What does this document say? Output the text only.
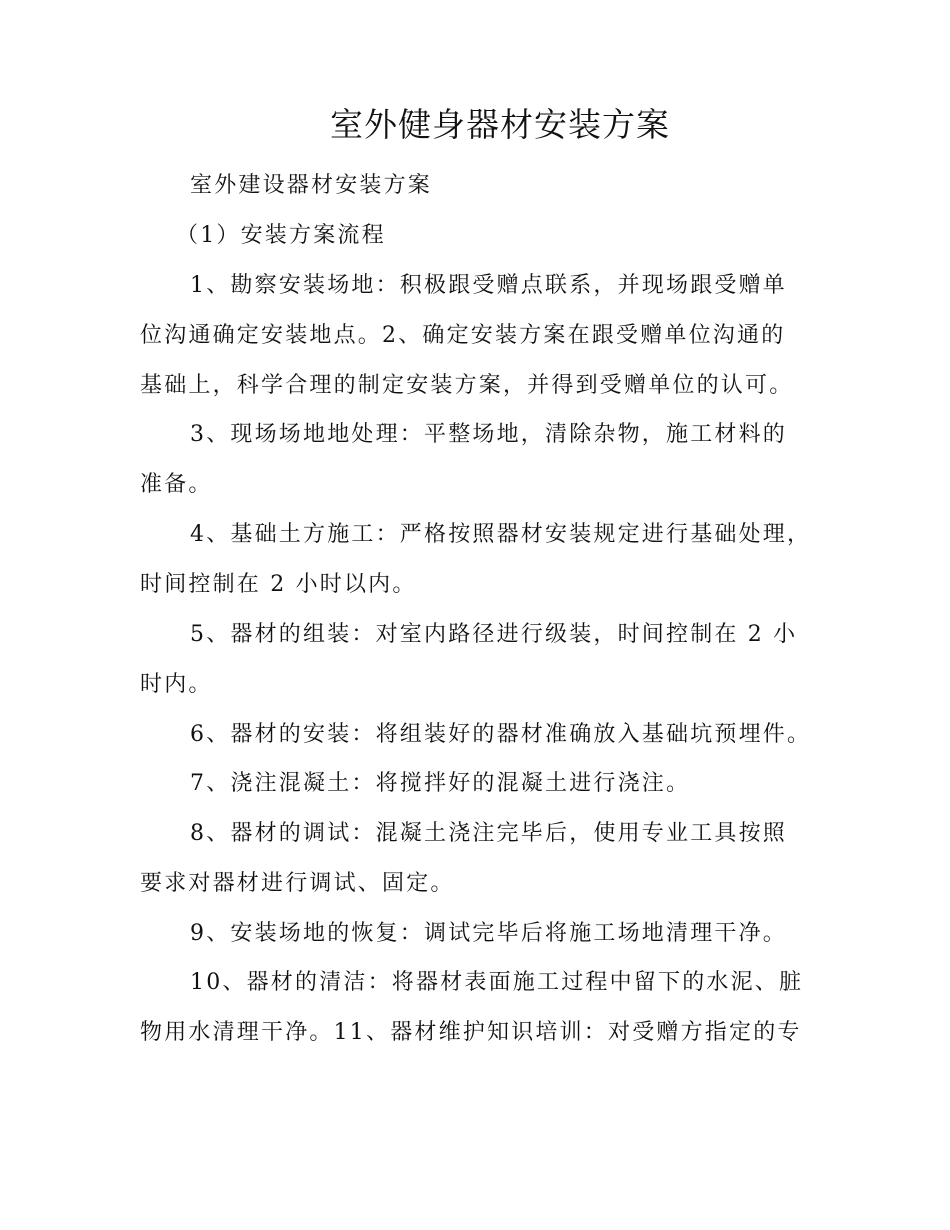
室外健身器材安装方案
室外建设器材安装方案
（1）安装方案流程
1、勘察安装场地：积极跟受赠点联系，并现场跟受赠单
位沟通确定安装地点。2、确定安装方案在跟受赠单位沟通的
基础上，科学合理的制定安装方案，并得到受赠单位的认可。
3、现场场地地处理：平整场地，清除杂物，施工材料的
准备。
4、基础土方施工：严格按照器材安装规定进行基础处理，
时间控制在 2 小时以内。
5、器材的组装：对室内路径进行级装，时间控制在 2 小
时内。
6、器材的安装：将组装好的器材准确放入基础坑预埋件。
7、浇注混凝土：将搅拌好的混凝土进行浇注。
8、器材的调试：混凝土浇注完毕后，使用专业工具按照
要求对器材进行调试、固定。
9、安装场地的恢复：调试完毕后将施工场地清理干净。
10、器材的清洁：将器材表面施工过程中留下的水泥、脏
物用水清理干净。11、器材维护知识培训：对受赠方指定的专
